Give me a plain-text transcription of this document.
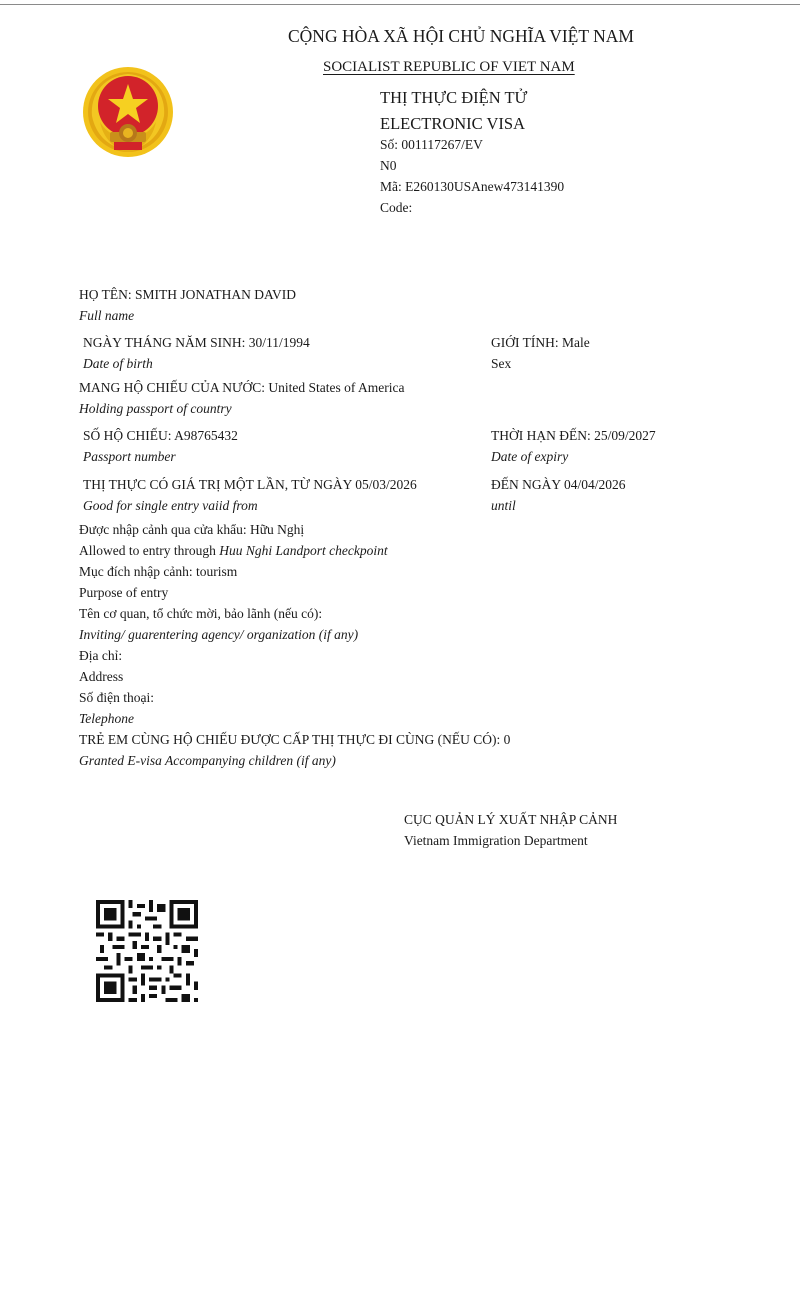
CỘNG HÒA XÃ HỘI CHỦ NGHĨA VIỆT NAM
SOCIALIST REPUBLIC OF VIET NAM
THỊ THỰC ĐIỆN TỬ
ELECTRONIC VISA
Số: 001117267/EV
N0
Mã: E260130USAnew473141390
Code:
HỌ TÊN: SMITH JONATHAN DAVID
Full name
NGÀY THÁNG NĂM SINH: 30/11/1994
Date of birth
GIỚI TÍNH: Male
Sex
MANG HỘ CHIẾU CỦA NƯỚC: United States of America
Holding passport of country
SỐ HỘ CHIẾU: A98765432
Passport number
THỜI HẠN ĐẾN: 25/09/2027
Date of expiry
THỊ THỰC CÓ GIÁ TRỊ MỘT LẦN, TỪ NGÀY 05/03/2026
Good for single entry vaiid from
ĐẾN NGÀY 04/04/2026
until
Được nhập cảnh qua cửa khẩu: Hữu Nghị
Allowed to entry through Huu Nghi Landport checkpoint
Mục đích nhập cảnh: tourism
Purpose of entry
Tên cơ quan, tổ chức mời, bảo lãnh (nếu có):
Inviting/ guarentering agency/ organization (if any)
Địa chỉ:
Address
Số điện thoại:
Telephone
TRẺ EM CÙNG HỘ CHIẾU ĐƯỢC CẤP THỊ THỰC ĐI CÙNG (NẾU CÓ): 0
Granted E-visa Accompanying children (if any)
CỤC QUẢN LÝ XUẤT NHẬP CẢNH
Vietnam Immigration Department
